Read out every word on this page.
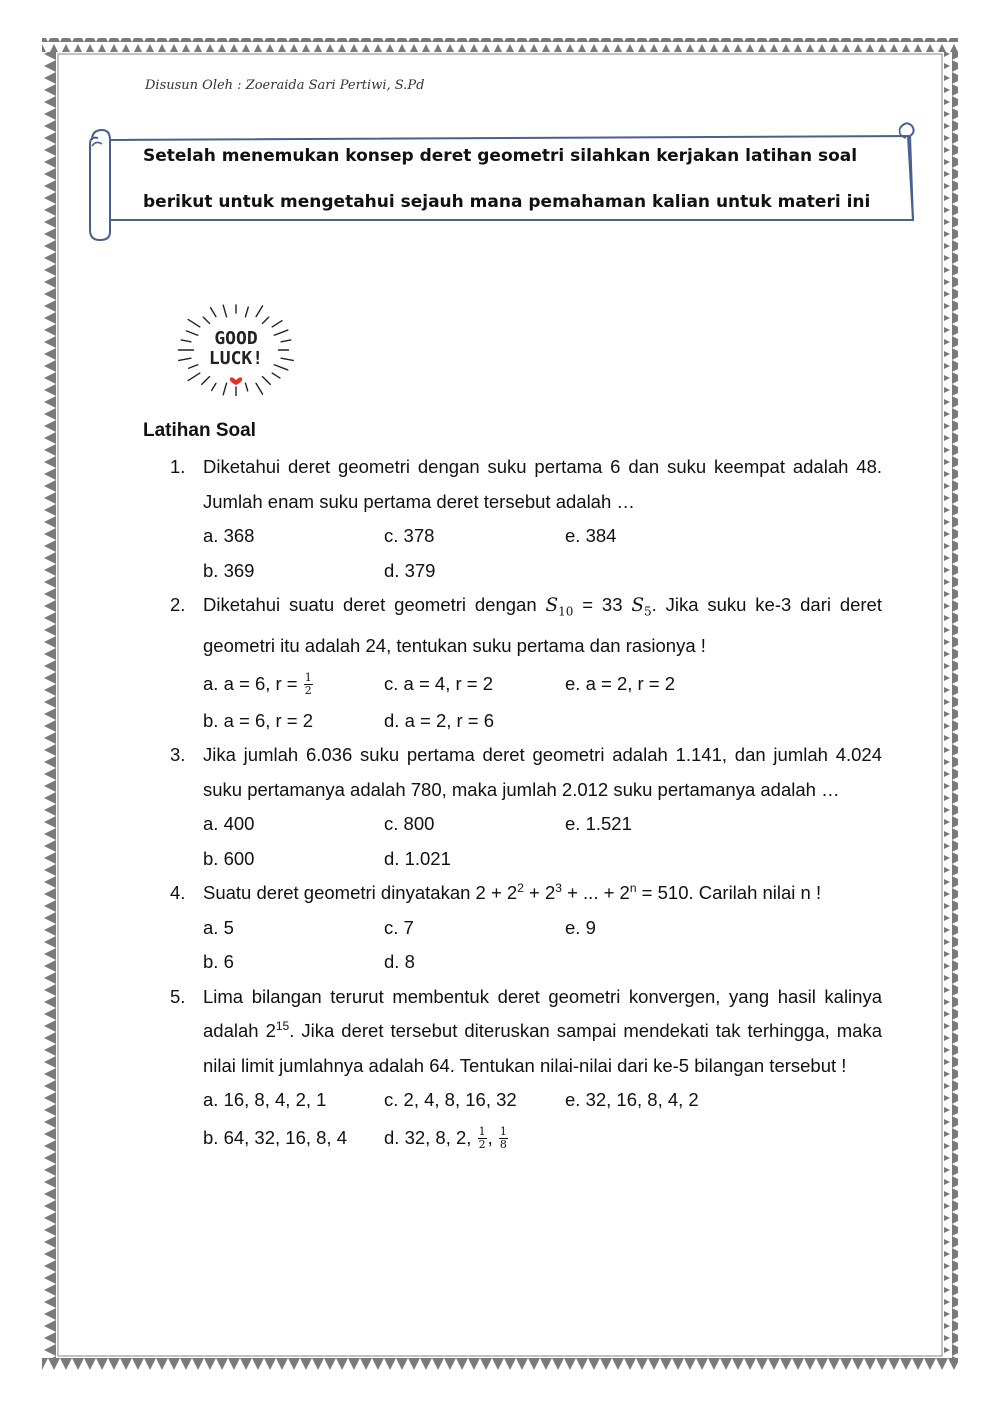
Disusun Oleh : Zoeraida Sari Pertiwi, S.Pd
Setelah menemukan konsep deret geometri silahkan kerjakan latihan soal
berikut untuk mengetahui sejauh mana pemahaman kalian untuk materi ini
GOOD
LUCK!
Latihan Soal
1. Diketahui deret geometri dengan suku pertama 6 dan suku keempat adalah 48. Jumlah enam suku pertama deret tersebut adalah …
a. 368	c. 378	e. 384
b. 369	d. 379
2. Diketahui suatu deret geometri dengan $S_{10} = 33$ $S_5$. Jika suku ke-3 dari deret geometri itu adalah 24, tentukan suku pertama dan rasionya !
a. a = 6, $r = \frac{1}{2}$	c. a = 4, r = 2	e. a = 2, r = 2
b. a = 6, r = 2	d. a = 2, r = 6
3. Jika jumlah 6.036 suku pertama deret geometri adalah 1.141, dan jumlah 4.024 suku pertamanya adalah 780, maka jumlah 2.012 suku pertamanya adalah …
a. 400	c. 800	e. 1.521
b. 600	d. 1.021
4. Suatu deret geometri dinyatakan $2 + 2^2 + 2^3$ + ... + $2^n = 510$. Carilah nilai n !
a. 5	c. 7	e. 9
b. 6	d. 8
5. Lima bilangan terurut membentuk deret geometri konvergen, yang hasil kalinya adalah $2^{15}$. Jika deret tersebut diteruskan sampai mendekati tak terhingga, maka nilai limit jumlahnya adalah 64. Tentukan nilai-nilai dari ke-5 bilangan tersebut !
a. 16, 8, 4, 2, 1	c. 2, 4, 8, 16, 32	e. 32, 16, 8, 4, 2
b. 64, 32, 16, 8, 4 d. 32, 8, 2, $\frac{1}{2}$ , $\frac{1}{8}$
